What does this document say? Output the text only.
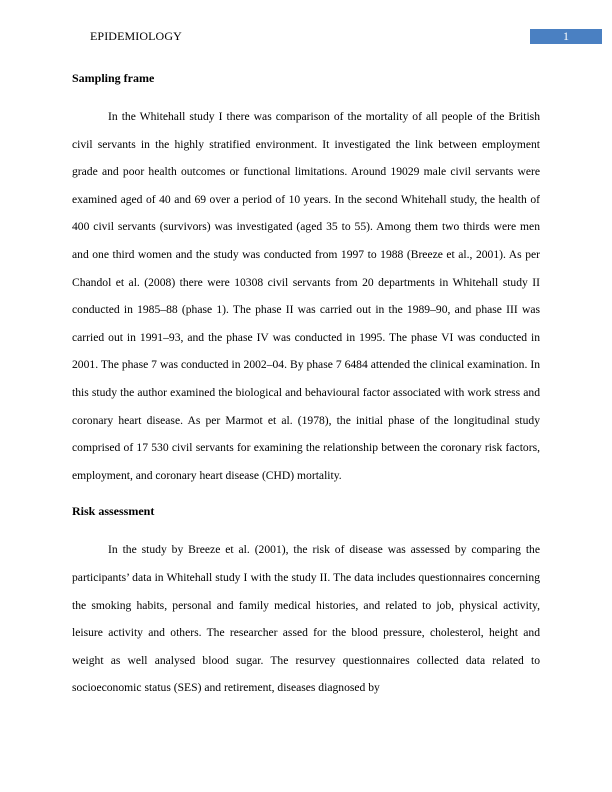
EPIDEMIOLOGY	1
Sampling frame

In the Whitehall study I there was comparison of the mortality of all people of the British civil servants in the highly stratified environment. It investigated the link between employment grade and poor health outcomes or functional limitations. Around 19029 male civil servants were examined aged of 40 and 69 over a period of 10 years. In the second Whitehall study, the health of 400 civil servants (survivors) was investigated (aged 35 to 55). Among them two thirds were men and one third women and the study was conducted from 1997 to 1988 (Breeze et al., 2001). As per Chandol et al. (2008) there were 10308 civil servants from 20 departments in Whitehall study II conducted in 1985–88 (phase 1). The phase II was carried out in the 1989–90, and phase III was carried out in 1991–93, and the phase IV was conducted in 1995. The phase VI was conducted in 2001. The phase 7 was conducted in 2002–04. By phase 7 6484 attended the clinical examination. In this study the author examined the biological and behavioural factor associated with work stress and coronary heart disease. As per Marmot et al. (1978), the initial phase of the longitudinal study comprised of 17 530 civil servants for examining the relationship between the coronary risk factors, employment, and coronary heart disease (CHD) mortality.

Risk assessment

In the study by Breeze et al. (2001), the risk of disease was assessed by comparing the participants’ data in Whitehall study I with the study II. The data includes questionnaires concerning the smoking habits, personal and family medical histories, and related to job, physical activity, leisure activity and others. The researcher assed for the blood pressure, cholesterol, height and weight as well analysed blood sugar. The resurvey questionnaires collected data related to socioeconomic status (SES) and retirement, diseases diagnosed by
